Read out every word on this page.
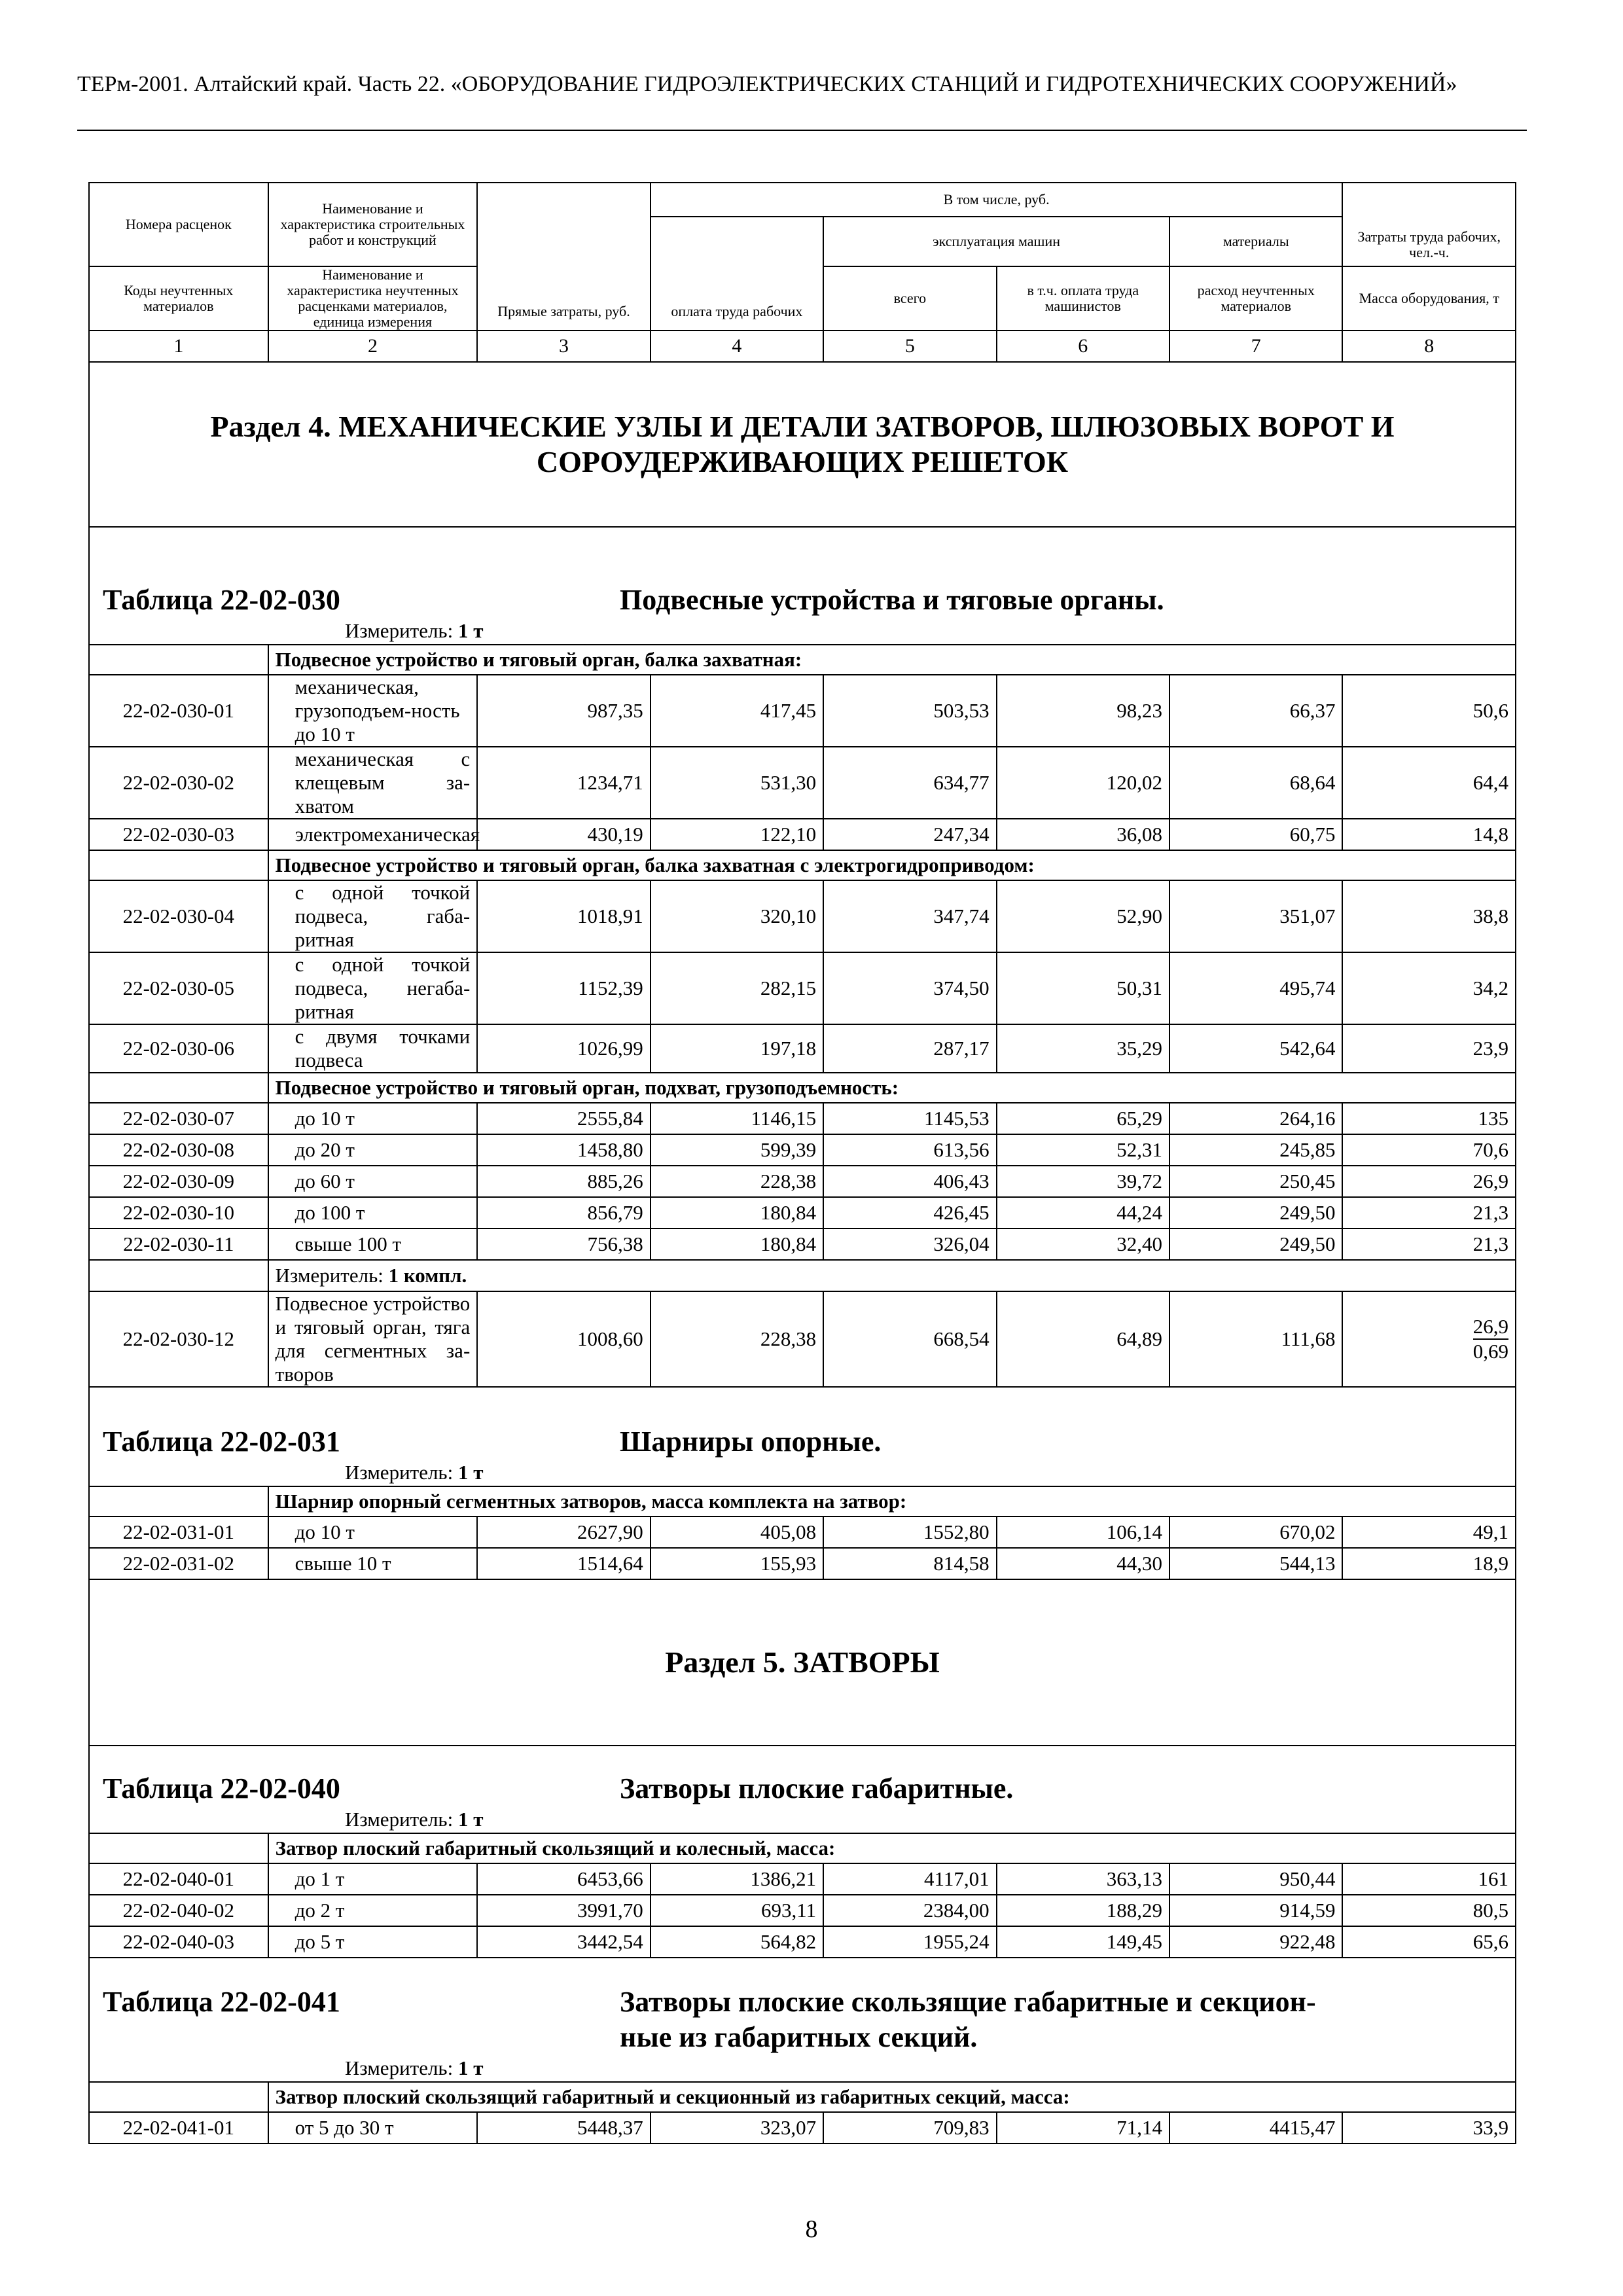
ТЕРм-2001. Алтайский край. Часть 22. «ОБОРУДОВАНИЕ ГИДРОЭЛЕКТРИЧЕСКИХ СТАНЦИЙ И ГИДРОТЕХНИЧЕСКИХ СООРУЖЕНИЙ»
Номера расценок	Наименование и характеристика строительных работ и конструкций	Прямые затраты, руб.	В том числе, руб.				Затраты труда рабочих, чел.-ч.
			оплата труда рабочих	эксплуатация машин		материалы	
Коды неучтенных материалов	Наименование и характеристика неучтенных расценками материалов, единица измерения			всего	в т.ч. оплата труда машинистов	расход неучтенных материалов	Масса оборудования, т
1	2	3	4	5	6	7	8
Раздел 4. МЕХАНИЧЕСКИЕ УЗЛЫ И ДЕТАЛИ ЗАТВОРОВ, ШЛЮЗОВЫХ ВОРОТ И СОРОУДЕРЖИВАЮЩИХ РЕШЕТОК							

Таблица 22-02-030 Подвесные устройства и тяговые органы.
Измеритель: 1 т							

	Подвесное устройство и тяговый орган, балка захватная:						
22-02-030-01	механическая, грузоподъем-ность до 10 т	987,35	417,45	503,53	98,23	66,37	50,6
22-02-030-02	механическая с клещевым за-хватом	1234,71	531,30	634,77	120,02	68,64	64,4
22-02-030-03	электромеханическая	430,19	122,10	247,34	36,08	60,75	14,8
	Подвесное устройство и тяговый орган, балка захватная с электрогидроприводом:						
22-02-030-04	с одной точкой подвеса, габа-ритная	1018,91	320,10	347,74	52,90	351,07	38,8
22-02-030-05	с одной точкой подвеса, негаба-ритная	1152,39	282,15	374,50	50,31	495,74	34,2
22-02-030-06	с двумя точками подвеса	1026,99	197,18	287,17	35,29	542,64	23,9
	Подвесное устройство и тяговый орган, подхват, грузоподъемность:						
22-02-030-07	до 10 т	2555,84	1146,15	1145,53	65,29	264,16	135
22-02-030-08	до 20 т	1458,80	599,39	613,56	52,31	245,85	70,6
22-02-030-09	до 60 т	885,26	228,38	406,43	39,72	250,45	26,9
22-02-030-10	до 100 т	856,79	180,84	426,45	44,24	249,50	21,3
22-02-030-11	свыше 100 т	756,38	180,84	326,04	32,40	249,50	21,3
	Измеритель: 1 компл.						
22-02-030-12	Подвесное устройство и тяговый орган, тяга для сегментных за-творов	1008,60	228,38	668,54	64,89	111,68	$\frac{26,9}{0,69}$

Таблица 22-02-031 Шарниры опорные.
Измеритель: 1 т							

	Шарнир опорный сегментных затворов, масса комплекта на затвор:						
22-02-031-01	до 10 т	2627,90	405,08	1552,80	106,14	670,02	49,1
22-02-031-02	свыше 10 т	1514,64	155,93	814,58	44,30	544,13	18,9
Раздел 5. ЗАТВОРЫ							

Таблица 22-02-040 Затворы плоские габаритные.
Измеритель: 1 т							

	Затвор плоский габаритный скользящий и колесный, масса:						
22-02-040-01	до 1 т	6453,66	1386,21	4117,01	363,13	950,44	161
22-02-040-02	до 2 т	3991,70	693,11	2384,00	188,29	914,59	80,5
22-02-040-03	до 5 т	3442,54	564,82	1955,24	149,45	922,48	65,6

Таблица 22-02-041 Затворы плоские скользящие габаритные и секцион-
ные из габаритных секций.
Измеритель: 1 т							

	Затвор плоский скользящий габаритный и секционный из габаритных секций, масса:						
22-02-041-01	от 5 до 30 т	5448,37	323,07	709,83	71,14	4415,47	33,9
8
